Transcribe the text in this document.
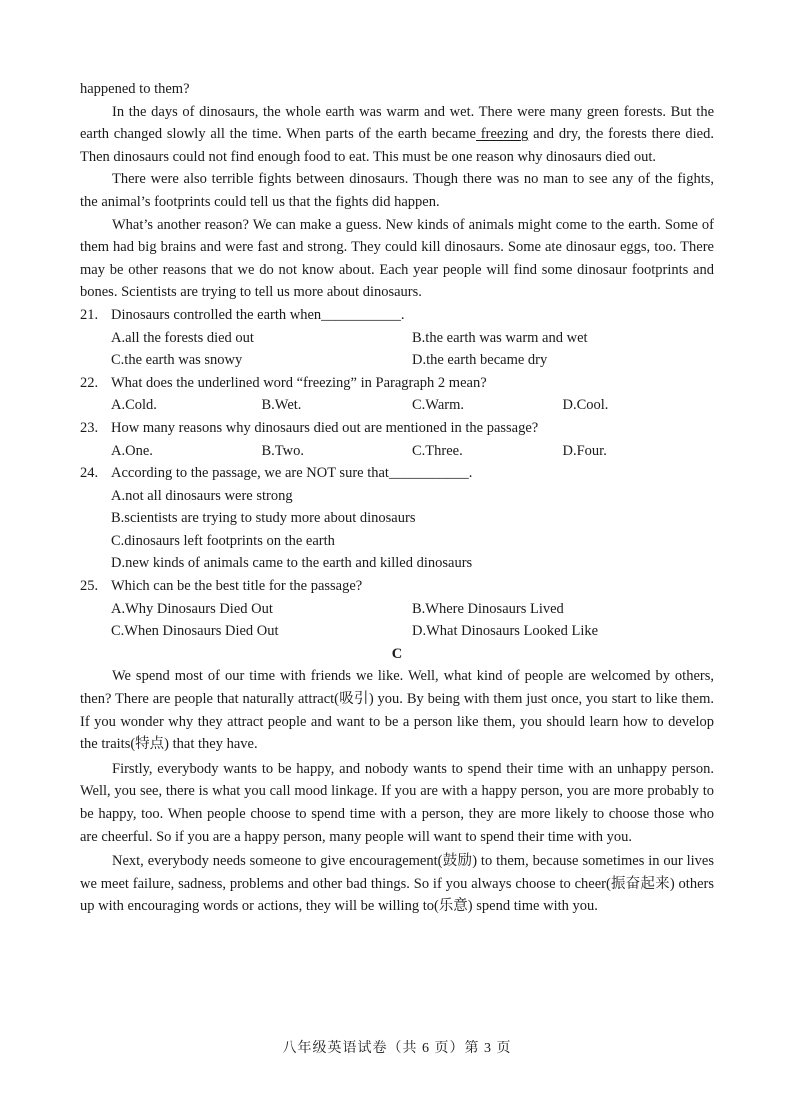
happened to them?

In the days of dinosaurs, the whole earth was warm and wet. There were many green forests. But the earth changed slowly all the time. When parts of the earth became freezing and dry, the forests there died. Then dinosaurs could not find enough food to eat. This must be one reason why dinosaurs died out.

There were also terrible fights between dinosaurs. Though there was no man to see any of the fights, the animal’s footprints could tell us that the fights did happen.

What’s another reason? We can make a guess. New kinds of animals might come to the earth. Some of them had big brains and were fast and strong. They could kill dinosaurs. Some ate dinosaur eggs, too. There may be other reasons that we do not know about. Each year people will find some dinosaur footprints and bones. Scientists are trying to tell us more about dinosaurs.

21. Dinosaurs controlled the earth when___________.
A.all the forests died out	B.the earth was warm and wet
C.the earth was snowy	D.the earth became dry
22. What does the underlined word “freezing” in Paragraph 2 mean?
A.Cold.	B.Wet.	C.Warm.	D.Cool.
23. How many reasons why dinosaurs died out are mentioned in the passage?
A.One.	B.Two.	C.Three.	D.Four.
24. According to the passage, we are NOT sure that___________.
A.not all dinosaurs were strong
B.scientists are trying to study more about dinosaurs
C.dinosaurs left footprints on the earth
D.new kinds of animals came to the earth and killed dinosaurs
25. Which can be the best title for the passage?
A.Why Dinosaurs Died Out	B.Where Dinosaurs Lived
C.When Dinosaurs Died Out	D.What Dinosaurs Looked Like
C

We spend most of our time with friends we like. Well, what kind of people are welcomed by others, then? There are people that naturally attract(吸引) you. By being with them just once, you start to like them. If you wonder why they attract people and want to be a person like them, you should learn how to develop the traits(特点) that they have.

Firstly, everybody wants to be happy, and nobody wants to spend their time with an unhappy person. Well, you see, there is what you call mood linkage. If you are with a happy person, you are more probably to be happy, too. When people choose to spend time with a person, they are more likely to choose those who are cheerful. So if you are a happy person, many people will want to spend their time with you.

Next, everybody needs someone to give encouragement(鼓励) to them, because sometimes in our lives we meet failure, sadness, problems and other bad things. So if you always choose to cheer(振奋起来) others up with encouraging words or actions, they will be willing to(乐意) spend time with you.

八年级英语试卷（共 6 页）第 3 页
